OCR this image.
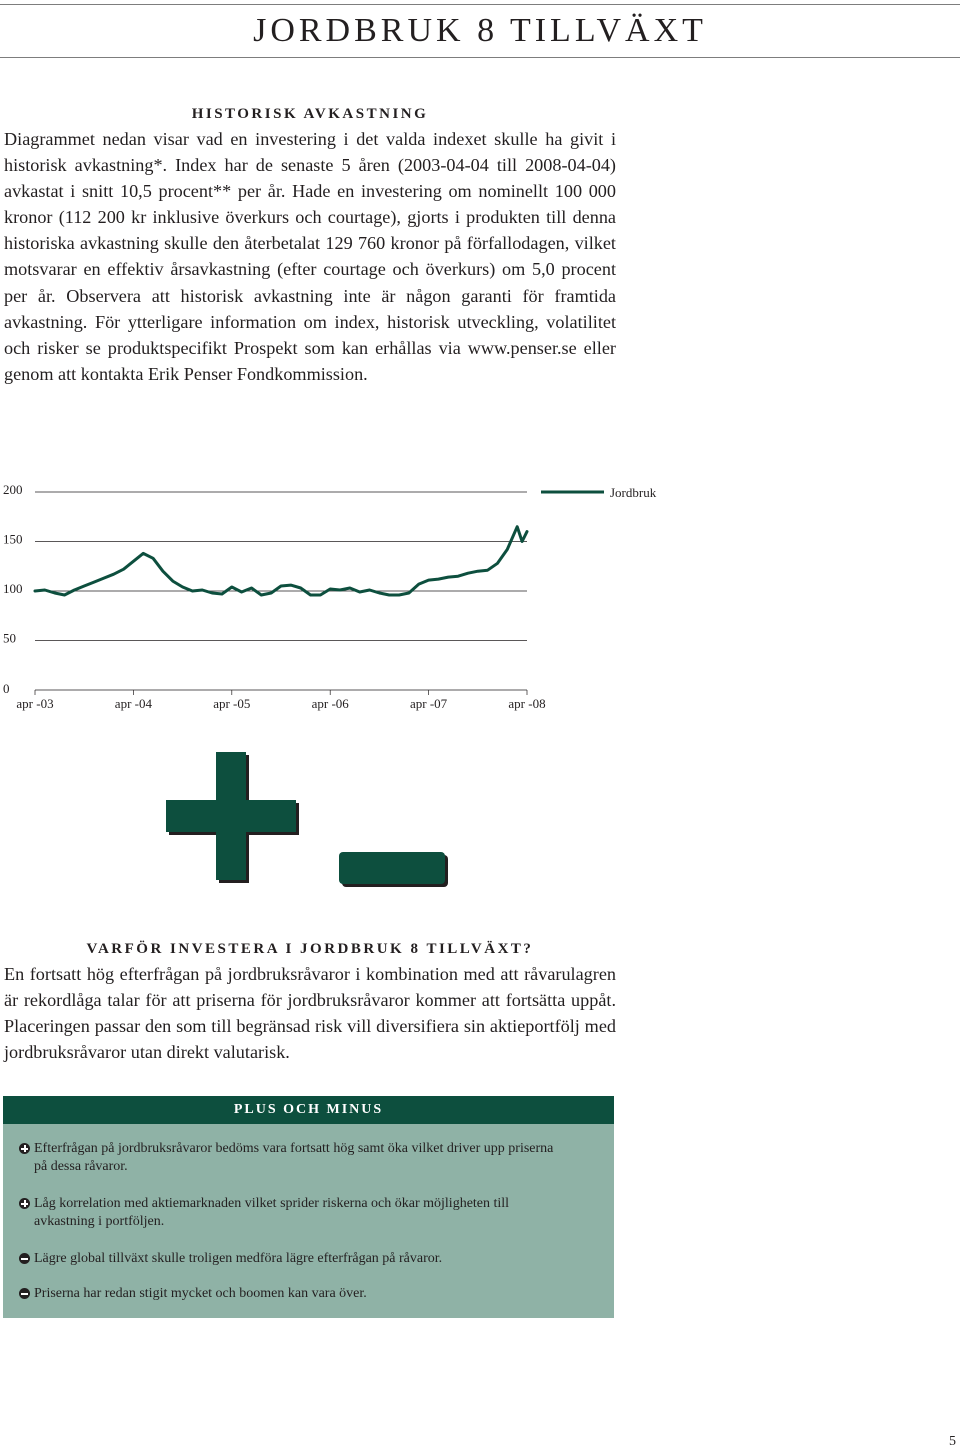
JORDBRUK 8 TILLVÄXT
HISTORISK AVKASTNING

Diagrammet nedan visar vad en investering i det valda indexet skulle ha givit i historisk avkastning*. Index har de senaste 5 åren (2003-04-04 till 2008-04-04) avkastat i snitt 10,5 procent** per år. Hade en investering om nominellt 100 000 kronor (112 200 kr inklusive överkurs och courtage), gjorts i produkten till denna historiska avkastning skulle den återbetalat 129 760 kronor på förfallodagen, vilket motsvarar en effektiv årsavkastning (efter courtage och överkurs) om 5,0 procent per år. Observera att historisk avkastning inte är någon garanti för framtida avkastning. För ytterligare information om index, historisk utveckling, volatilitet och risker se produktspecifikt Prospekt som kan erhållas via www.penser.se eller genom att kontakta Erik Penser Fondkommission.

200
150
100
50
0
apr -03	apr -04	apr -05	apr -06	apr -07	apr -08
Jordbruk
VARFÖR INVESTERA I JORDBRUK 8 TILLVÄXT?

En fortsatt hög efterfrågan på jordbruksråvaror i kombination med att råvarulagren är rekordlåga talar för att priserna för jordbruksråvaror kommer att fortsätta uppåt. Placeringen passar den som till begränsad risk vill diversifiera sin aktieportfölj med jordbruksråvaror utan direkt valutarisk.

PLUS OCH MINUS
Efterfrågan på jordbruksråvaror bedöms vara fortsatt hög samt öka vilket driver upp priserna på dessa råvaror.
Låg korrelation med aktiemarknaden vilket sprider riskerna och ökar möjligheten till avkastning i portföljen.
Lägre global tillväxt skulle troligen medföra lägre efterfrågan på råvaror.
Priserna har redan stigit mycket och boomen kan vara över.
5
